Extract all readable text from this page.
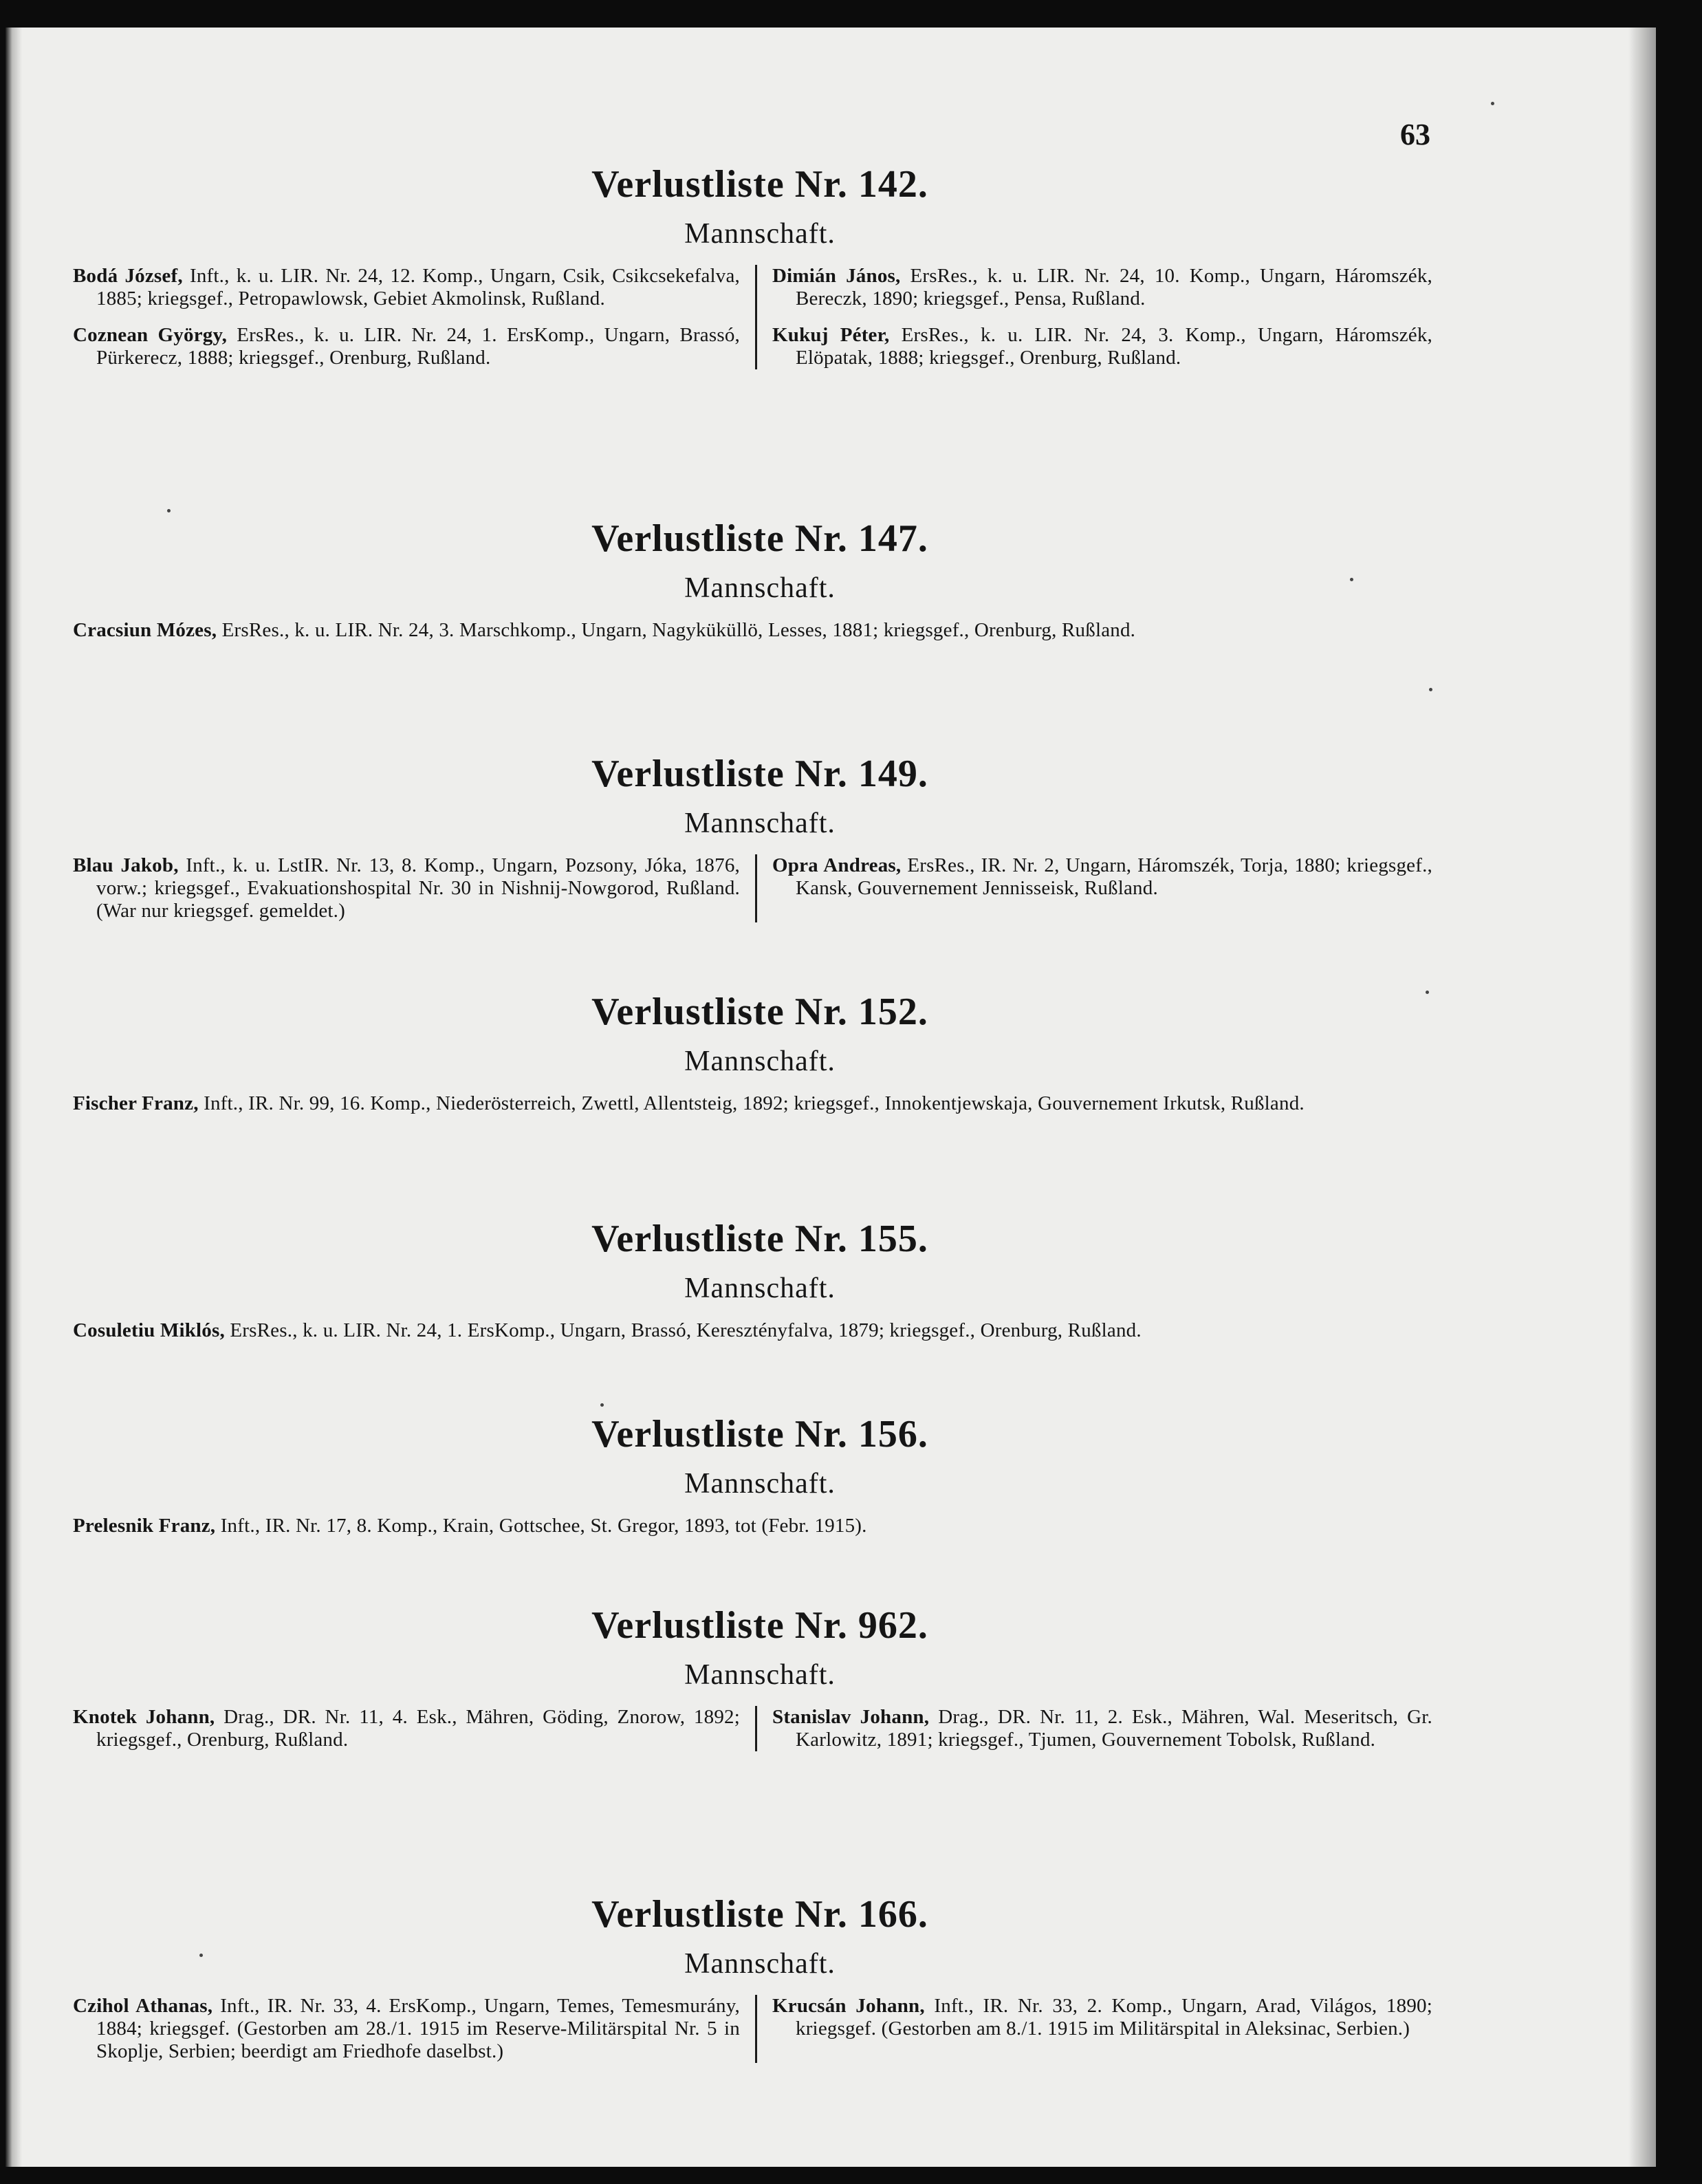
63
Verlustliste Nr. 142.
Mannschaft.

Bodá József, Inft., k. u. LIR. Nr. 24, 12. Komp., Ungarn, Csik, Csikcsekefalva, 1885; kriegsgef., Petropawlowsk, Gebiet Akmolinsk, Rußland.

Coznean György, ErsRes., k. u. LIR. Nr. 24, 1. ErsKomp., Ungarn, Brassó, Pürkerecz, 1888; kriegsgef., Orenburg, Rußland.

Dimián János, ErsRes., k. u. LIR. Nr. 24, 10. Komp., Ungarn, Háromszék, Bereczk, 1890; kriegsgef., Pensa, Rußland.

Kukuj Péter, ErsRes., k. u. LIR. Nr. 24, 3. Komp., Ungarn, Háromszék, Elöpatak, 1888; kriegsgef., Orenburg, Rußland.

Verlustliste Nr. 147.
Mannschaft.

Cracsiun Mózes, ErsRes., k. u. LIR. Nr. 24, 3. Marschkomp., Ungarn, Nagyküküllö, Lesses, 1881; kriegsgef., Orenburg, Rußland.

Verlustliste Nr. 149.
Mannschaft.

Blau Jakob, Inft., k. u. LstIR. Nr. 13, 8. Komp., Ungarn, Pozsony, Jóka, 1876, vorw.; kriegsgef., Evakuationshospital Nr. 30 in Nishnij-Nowgorod, Rußland. (War nur kriegsgef. gemeldet.)

Opra Andreas, ErsRes., IR. Nr. 2, Ungarn, Háromszék, Torja, 1880; kriegsgef., Kansk, Gouvernement Jennisseisk, Rußland.

Verlustliste Nr. 152.
Mannschaft.

Fischer Franz, Inft., IR. Nr. 99, 16. Komp., Niederösterreich, Zwettl, Allentsteig, 1892; kriegsgef., Innokentjewskaja, Gouvernement Irkutsk, Rußland.

Verlustliste Nr. 155.
Mannschaft.

Cosuletiu Miklós, ErsRes., k. u. LIR. Nr. 24, 1. ErsKomp., Ungarn, Brassó, Keresztényfalva, 1879; kriegsgef., Orenburg, Rußland.

Verlustliste Nr. 156.
Mannschaft.

Prelesnik Franz, Inft., IR. Nr. 17, 8. Komp., Krain, Gottschee, St. Gregor, 1893, tot (Febr. 1915).

Verlustliste Nr. 962.
Mannschaft.

Knotek Johann, Drag., DR. Nr. 11, 4. Esk., Mähren, Göding, Znorow, 1892; kriegsgef., Orenburg, Rußland.

Stanislav Johann, Drag., DR. Nr. 11, 2. Esk., Mähren, Wal. Meseritsch, Gr. Karlowitz, 1891; kriegsgef., Tjumen, Gouvernement Tobolsk, Rußland.

Verlustliste Nr. 166.
Mannschaft.

Czihol Athanas, Inft., IR. Nr. 33, 4. ErsKomp., Ungarn, Temes, Temesmurány, 1884; kriegsgef. (Gestorben am 28./1. 1915 im Reserve-Militärspital Nr. 5 in Skoplje, Serbien; beerdigt am Friedhofe daselbst.)

Krucsán Johann, Inft., IR. Nr. 33, 2. Komp., Ungarn, Arad, Világos, 1890; kriegsgef. (Gestorben am 8./1. 1915 im Militärspital in Aleksinac, Serbien.)
